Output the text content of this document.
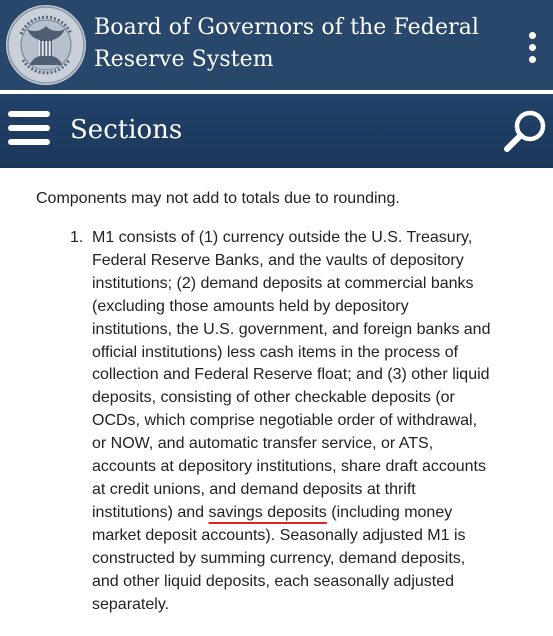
Board of Governors of the Federal
Reserve System
Sections
Components may not add to totals due to rounding.
1. M1 consists of (1) currency outside the U.S. Treasury,
Federal Reserve Banks, and the vaults of depository
institutions; (2) demand deposits at commercial banks
(excluding those amounts held by depository
institutions, the U.S. government, and foreign banks and
official institutions) less cash items in the process of
collection and Federal Reserve float; and (3) other liquid
deposits, consisting of other checkable deposits (or
OCDs, which comprise negotiable order of withdrawal,
or NOW, and automatic transfer service, or ATS,
accounts at depository institutions, share draft accounts
at credit unions, and demand deposits at thrift
institutions) and savings deposits (including money
market deposit accounts). Seasonally adjusted M1 is
constructed by summing currency, demand deposits,
and other liquid deposits, each seasonally adjusted
separately.
